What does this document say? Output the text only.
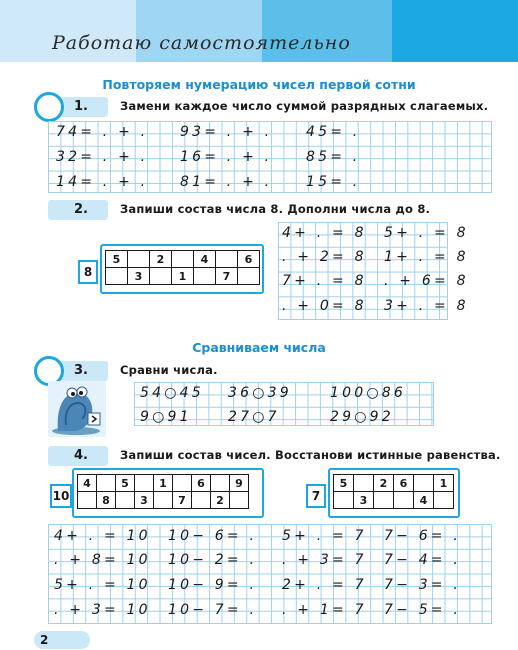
Работаю самостоятельно
Повторяем нумерацию чисел первой сотни
1.	Замени каждое число суммой разрядных слагаемых.
74= . + . 93= . + . 45= .
32= . + . 16= . + . 85= .
14= . + . 81= . + . 15= .
2.	Запиши состав числа 8. Дополни числа до 8.
8
5		2		4		6
	3		1		7	
4+ . = 8 5+ . = 8
. + 2= 8 1+ . = 8
7+ . = 8 . + 6= 8
. + 0= 8 3+ . = 8
Сравниваем числа
3.	Сравни числа.
54○45 36○39	100○86
9○91	27○7	29○92
4.	Запиши состав чисел. Восстанови истинные равенства.
10
4		5		1		6		9
	8		3		7		2		7
5		2	6		1
	3			4	
4+ . = 10 10− 6= . 5+ . = 7 7− 6= .
. + 8= 10 10− 2= . . + 3= 7 7− 4= .
5+ . = 10 10− 9= . 2+ . = 7 7− 3= .
. + 3= 10 10− 7= . . + 1= 7 7− 5= .
2
